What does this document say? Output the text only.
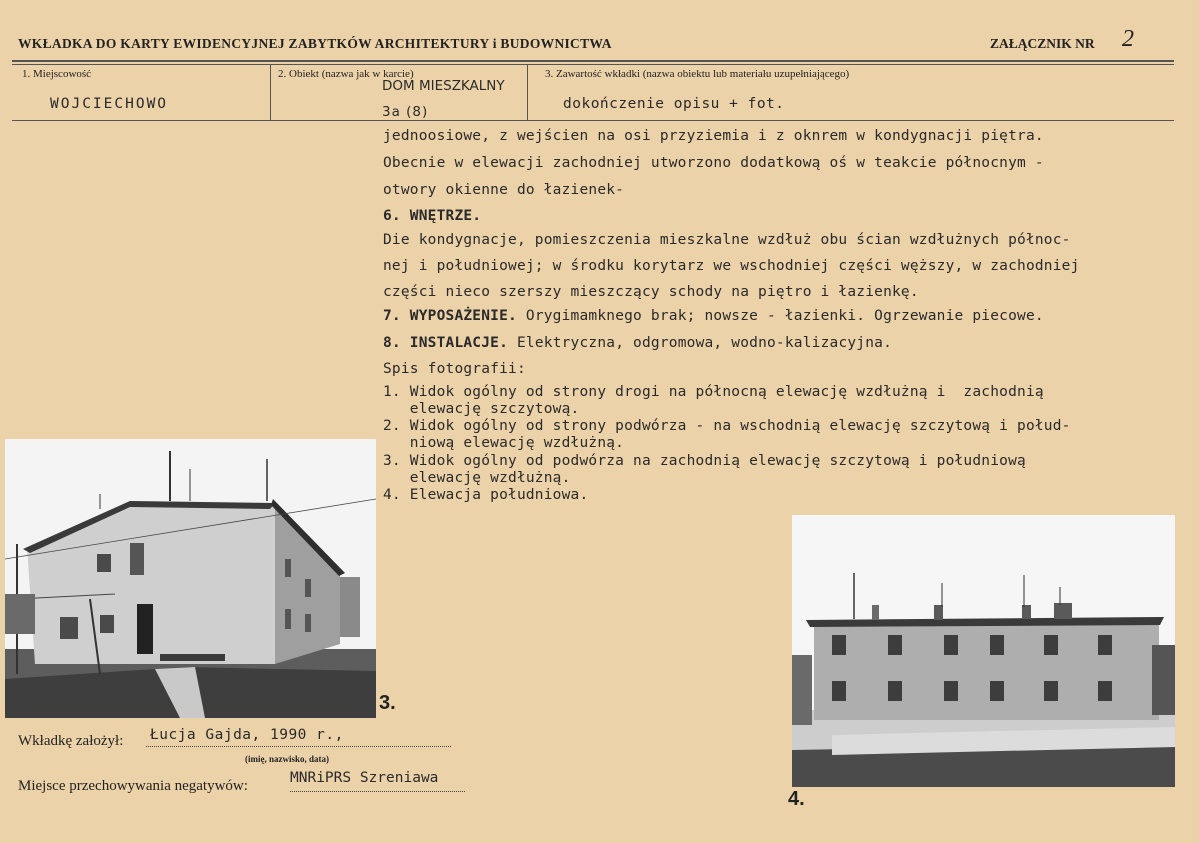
WKŁADKA DO KARTY EWIDENCYJNEJ ZABYTKÓW ARCHITEKTURY i BUDOWNICTWA	ZAŁĄCZNIK NR 2
1. Miejscowość
WOJCIECHOWO
2. Obiekt (nazwa jak w karcie)
DOM MIESZKALNY
3a (8)
3. Zawartość wkładki (nazwa obiektu lub materiału uzupełniającego)
dokończenie opisu + fot.
jednoosiowe, z wejścien na osi przyziemia i z oknrem w kondygnacji piętra.
Obecnie w elewacji zachodniej utworzono dodatkową oś w teakcie północnym -
otwory okienne do łazienek-
6. WNĘTRZE.
Die kondygnacje, pomieszczenia mieszkalne wzdłuż obu ścian wzdłużnych północ-
nej i południowej; w środku korytarz we wschodniej części węższy, w zachodniej
części nieco szerszy mieszczący schody na piętro i łazienkę.
7. WYPOSAŻENIE. Orygimamknego brak; nowsze - łazienki. Ogrzewanie piecowe.
8. INSTALACJE. Elektryczna, odgromowa, wodno-kalizacyjna.
Spis fotografii:
1. Widok ogólny od strony drogi na północną elewację wzdłużną i  zachodnią
elewację szczytową.
2. Widok ogólny od strony podwórza - na wschodnią elewację szczytową i połud-
niową elewację wzdłużną.
3. Widok ogólny od podwórza na zachodnią elewację szczytową i południową
elewację wzdłużną.
4. Elewacja południowa.
3.
4.
Wkładkę założył: Łucja Gajda, 1990 r.,
(imię, nazwisko, data)
Miejsce przechowywania negatywów:	MNRiPRS Szreniawa
